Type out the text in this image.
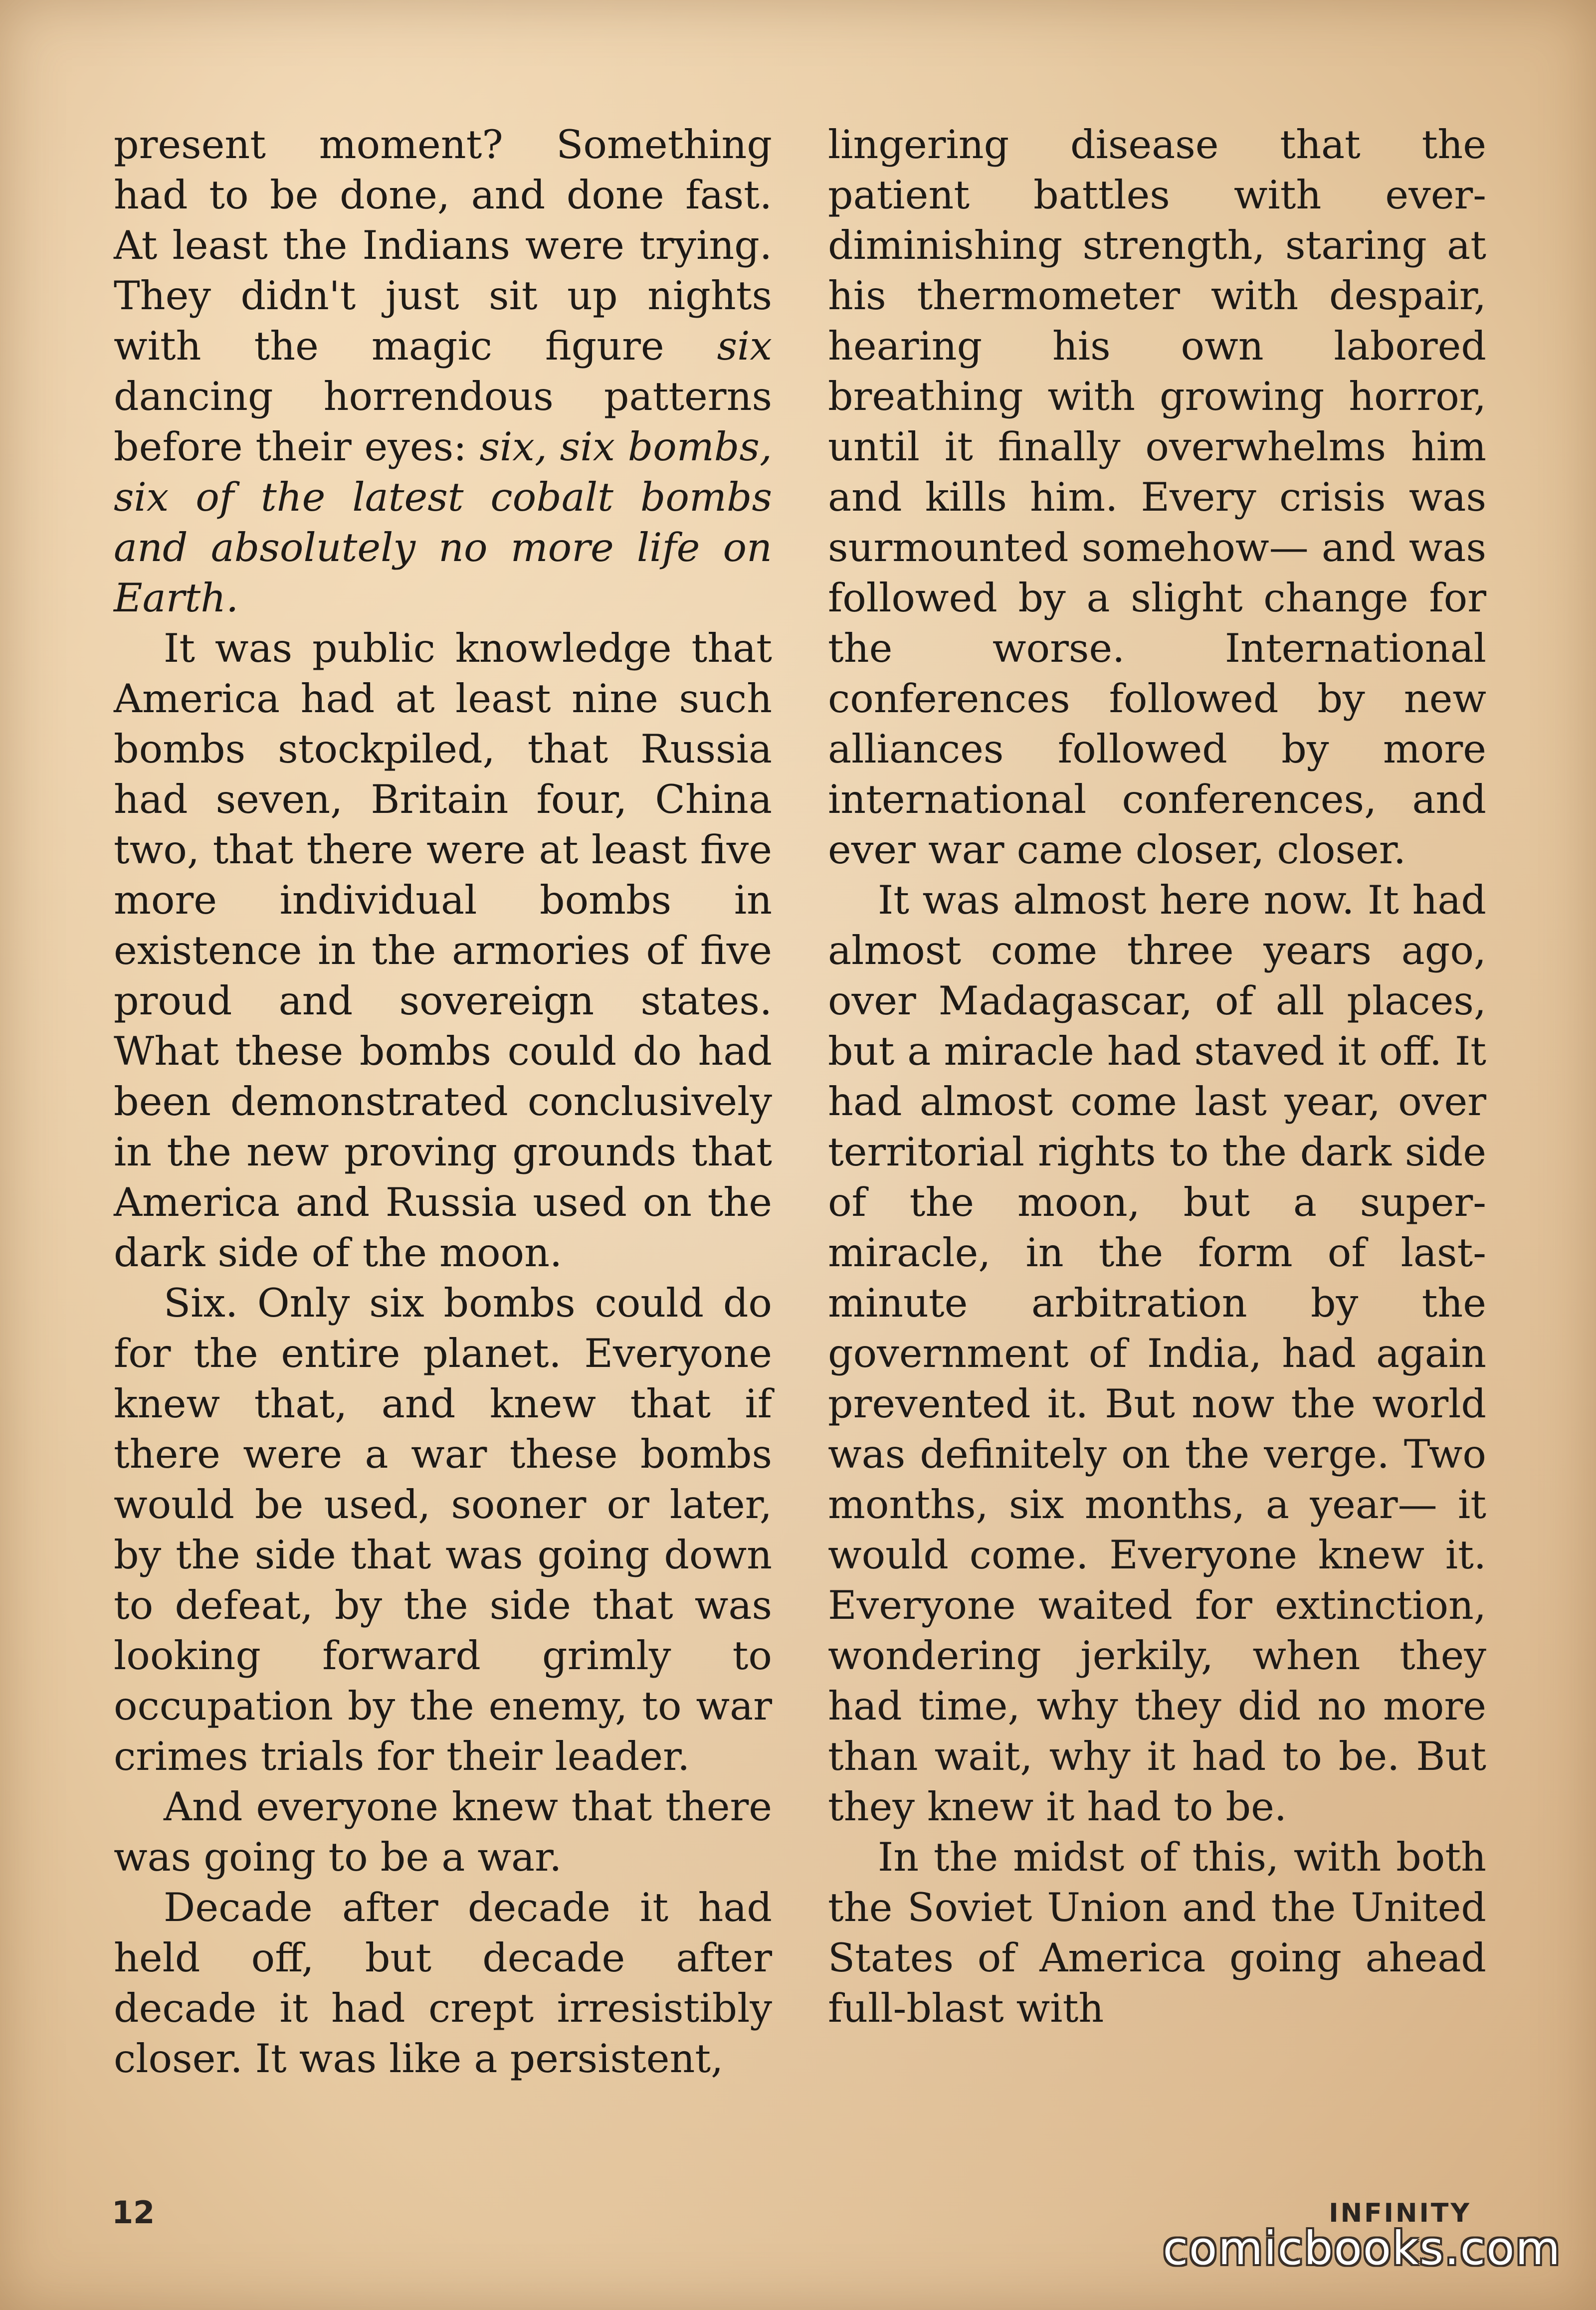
present moment? Something had to be done, and done fast. At least the Indians were trying. They didn't just sit up nights with the magic figure six dancing horrendous patterns before their eyes: six, six bombs, six of the latest cobalt bombs and absolutely no more life on Earth.

It was public knowledge that America had at least nine such bombs stockpiled, that Russia had seven, Britain four, China two, that there were at least five more individual bombs in existence in the armories of five proud and sovereign states. What these bombs could do had been demonstrated conclusively in the new proving grounds that America and Russia used on the dark side of the moon.

Six. Only six bombs could do for the entire planet. Everyone knew that, and knew that if there were a war these bombs would be used, sooner or later, by the side that was going down to defeat, by the side that was looking forward grimly to occupation by the enemy, to war crimes trials for their leader.

And everyone knew that there was going to be a war.

Decade after decade it had held off, but decade after decade it had crept irresistibly closer. It was like a persistent,

lingering disease that the patient battles with ever-diminishing strength, staring at his thermometer with despair, hearing his own labored breathing with growing horror, until it finally overwhelms him and kills him. Every crisis was surmounted somehow— and was followed by a slight change for the worse. International conferences followed by new alliances followed by more international conferences, and ever war came closer, closer.

It was almost here now. It had almost come three years ago, over Madagascar, of all places, but a miracle had staved it off. It had almost come last year, over territorial rights to the dark side of the moon, but a super-miracle, in the form of last-minute arbitration by the government of India, had again prevented it. But now the world was definitely on the verge. Two months, six months, a year— it would come. Everyone knew it. Everyone waited for extinction, wondering jerkily, when they had time, why they did no more than wait, why it had to be. But they knew it had to be.

In the midst of this, with both the Soviet Union and the United States of America going ahead full-blast with

12	INFINITY
comicbooks.com
